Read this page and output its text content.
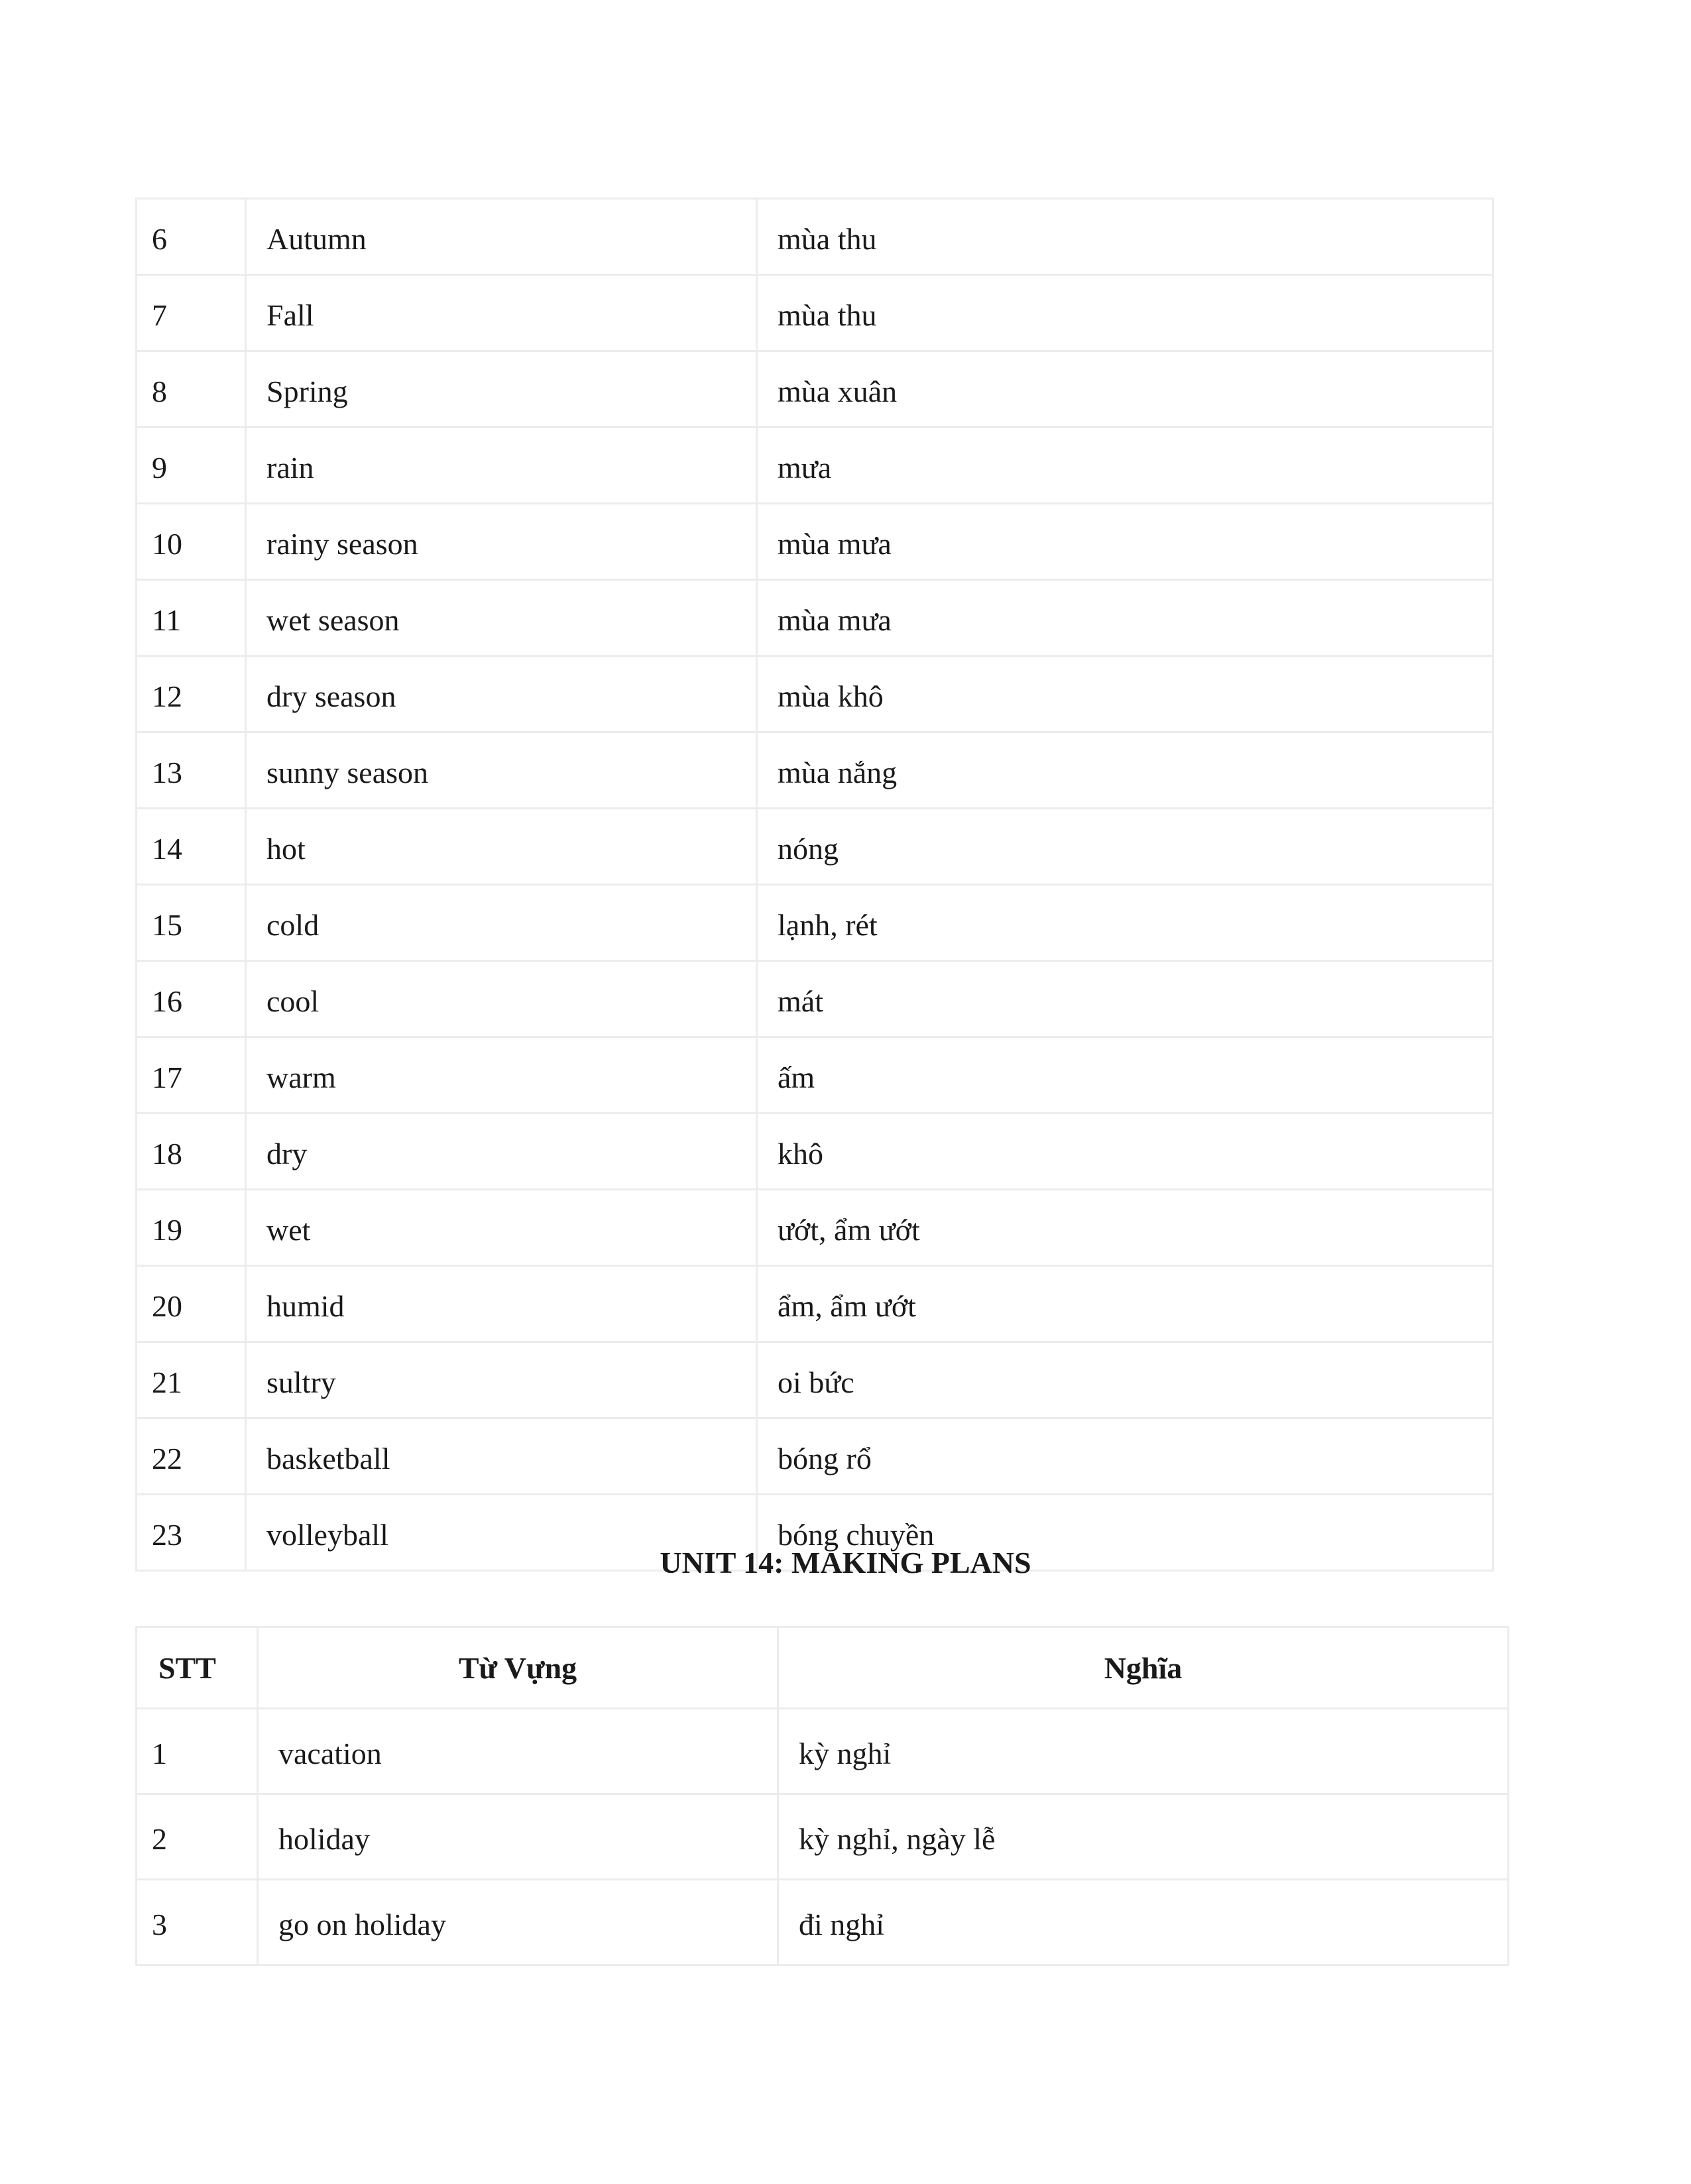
6	Autumn	mùa thu
7	Fall	mùa thu
8	Spring	mùa xuân
9	rain	mưa
10	rainy season	mùa mưa
11	wet season	mùa mưa
12	dry season	mùa khô
13	sunny season	mùa nắng
14	hot	nóng
15	cold	lạnh, rét
16	cool	mát
17	warm	ấm
18	dry	khô
19	wet	ướt, ẩm ướt
20	humid	ẩm, ẩm ướt
21	sultry	oi bức
22	basketball	bóng rổ
23	volleyball	bóng chuyền
UNIT 14: MAKING PLANS
STT	Từ Vựng	Nghĩa
1	vacation	kỳ nghỉ
2	holiday	kỳ nghỉ, ngày lễ
3	go on holiday	đi nghỉ
